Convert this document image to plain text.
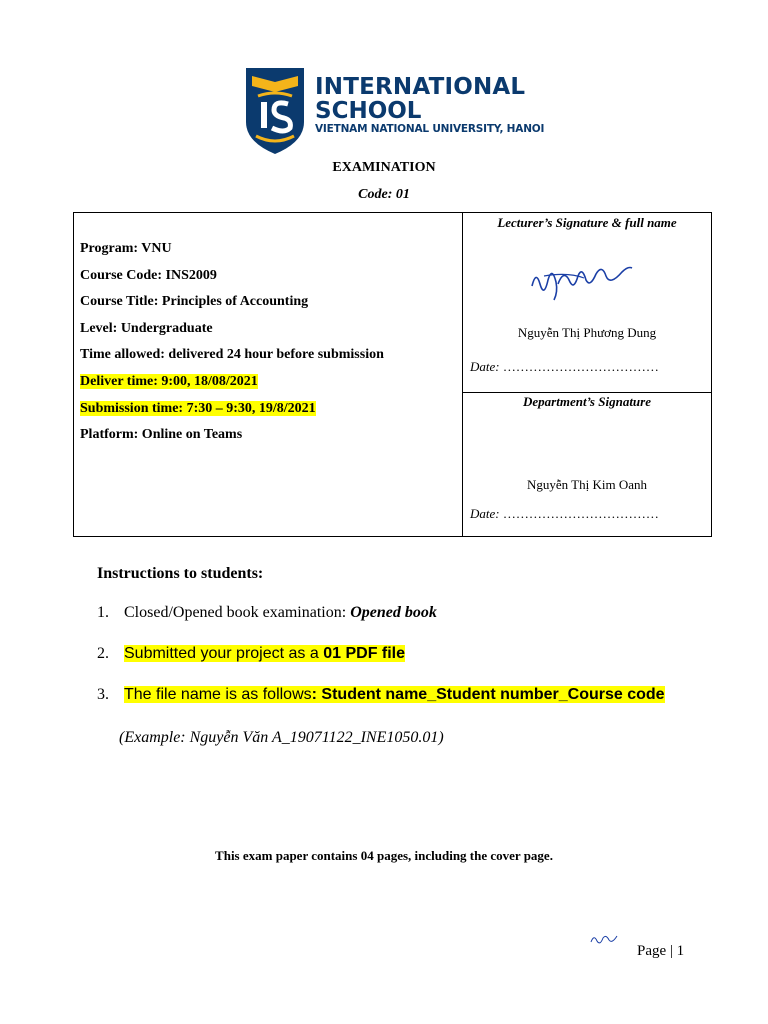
INTERNATIONAL
SCHOOL
VIETNAM NATIONAL UNIVERSITY, HANOI
EXAMINATION
Code: 01
Program: VNU
Course Code: INS2009
Course Title: Principles of Accounting
Level: Undergraduate
Time allowed: delivered 24 hour before submission
Deliver time: 9:00, 18/08/2021
Submission time: 7:30 – 9:30, 19/8/2021
Platform: Online on Teams
Lecturer’s Signature & full name
Nguyễn Thị Phương Dung
Date: ………………………………
Department’s Signature
Nguyễn Thị Kim Oanh
Date: ………………………………
Instructions to students:
1. Closed/Opened book examination: Opened book
2. Submitted your project as a 01 PDF file
3. The file name is as follows: Student name_Student number_Course code
(Example: Nguyễn Văn A_19071122_INE1050.01)
This exam paper contains 04 pages, including the cover page.
Page | 1
